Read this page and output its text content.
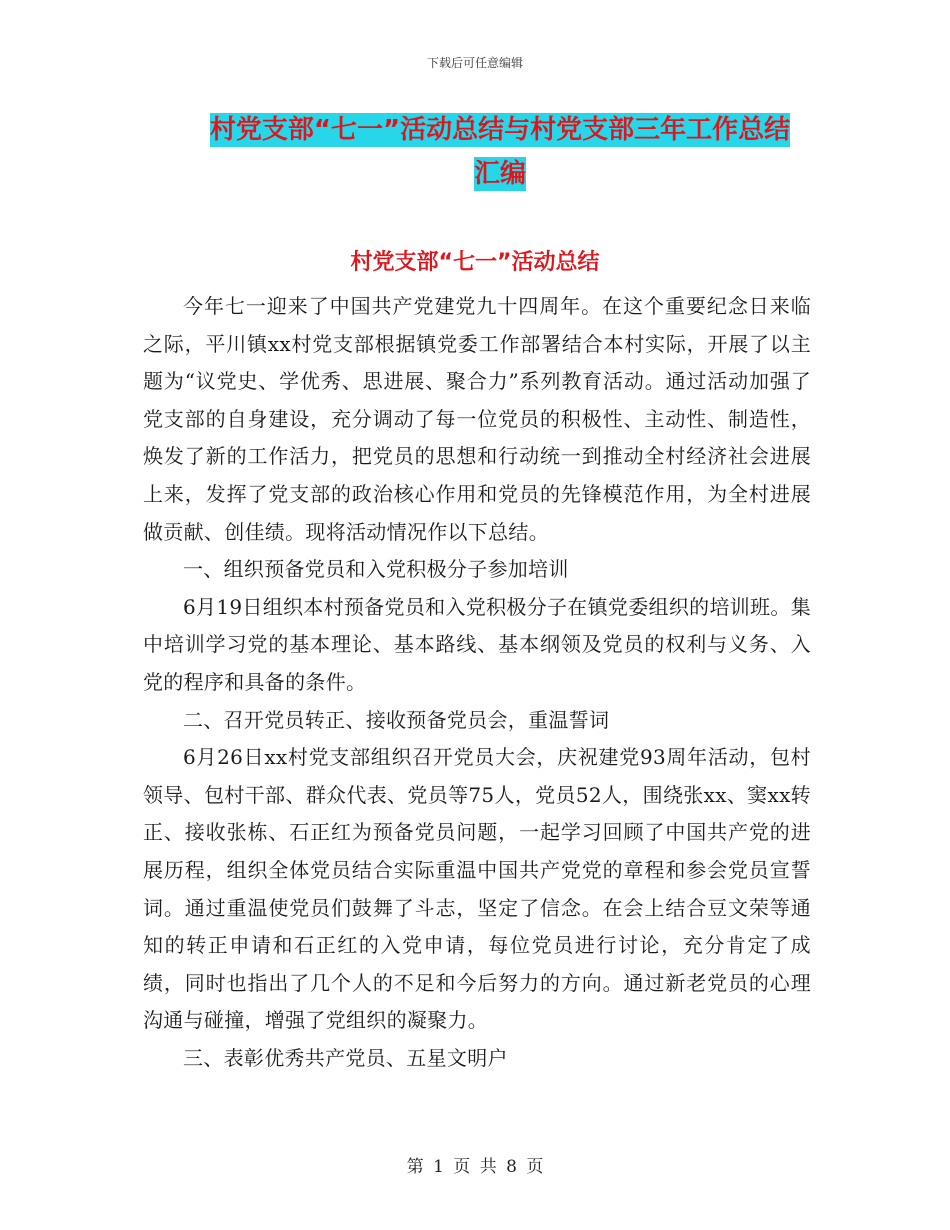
下载后可任意编辑
村党支部“七一”活动总结与村党支部三年工作总结
汇编
村党支部“七一”活动总结

今年七一迎来了中国共产党建党九十四周年。在这个重要纪念日来临之际，平川镇xx村党支部根据镇党委工作部署结合本村实际，开展了以主题为“议党史、学优秀、思进展、聚合力”系列教育活动。通过活动加强了党支部的自身建设，充分调动了每一位党员的积极性、主动性、制造性，焕发了新的工作活力，把党员的思想和行动统一到推动全村经济社会进展上来，发挥了党支部的政治核心作用和党员的先锋模范作用，为全村进展做贡献、创佳绩。现将活动情况作以下总结。

一、组织预备党员和入党积极分子参加培训

6月19日组织本村预备党员和入党积极分子在镇党委组织的培训班。集中培训学习党的基本理论、基本路线、基本纲领及党员的权利与义务、入党的程序和具备的条件。

二、召开党员转正、接收预备党员会，重温誓词

6月26日xx村党支部组织召开党员大会，庆祝建党93周年活动，包村领导、包村干部、群众代表、党员等75人，党员52人，围绕张xx、窦xx转正、接收张栋、石正红为预备党员问题，一起学习回顾了中国共产党的进展历程，组织全体党员结合实际重温中国共产党党的章程和参会党员宣誓词。通过重温使党员们鼓舞了斗志，坚定了信念。在会上结合豆文荣等通知的转正申请和石正红的入党申请，每位党员进行讨论，充分肯定了成绩，同时也指出了几个人的不足和今后努力的方向。通过新老党员的心理沟通与碰撞，增强了党组织的凝聚力。

三、表彰优秀共产党员、五星文明户

第 1 页 共 8 页
